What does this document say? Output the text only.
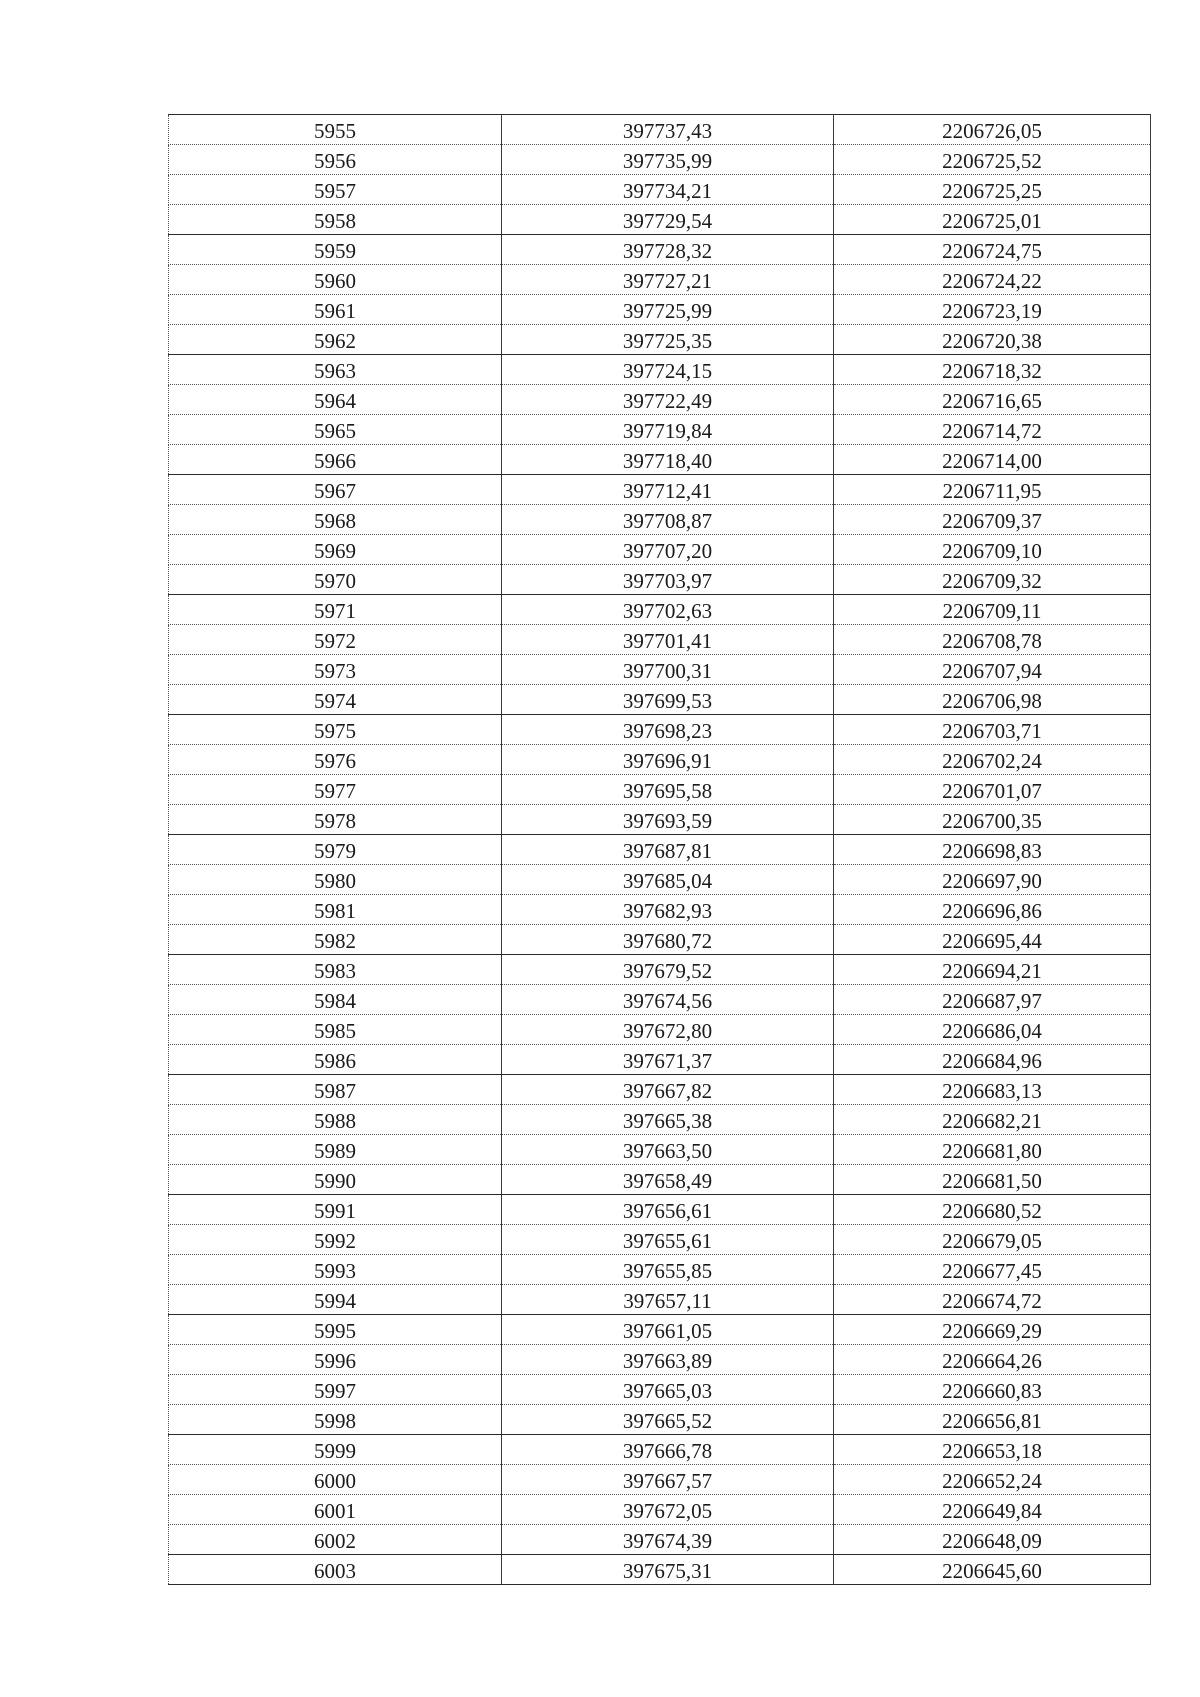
5955	397737,43	2206726,05
5956	397735,99	2206725,52
5957	397734,21	2206725,25
5958	397729,54	2206725,01
5959	397728,32	2206724,75
5960	397727,21	2206724,22
5961	397725,99	2206723,19
5962	397725,35	2206720,38
5963	397724,15	2206718,32
5964	397722,49	2206716,65
5965	397719,84	2206714,72
5966	397718,40	2206714,00
5967	397712,41	2206711,95
5968	397708,87	2206709,37
5969	397707,20	2206709,10
5970	397703,97	2206709,32
5971	397702,63	2206709,11
5972	397701,41	2206708,78
5973	397700,31	2206707,94
5974	397699,53	2206706,98
5975	397698,23	2206703,71
5976	397696,91	2206702,24
5977	397695,58	2206701,07
5978	397693,59	2206700,35
5979	397687,81	2206698,83
5980	397685,04	2206697,90
5981	397682,93	2206696,86
5982	397680,72	2206695,44
5983	397679,52	2206694,21
5984	397674,56	2206687,97
5985	397672,80	2206686,04
5986	397671,37	2206684,96
5987	397667,82	2206683,13
5988	397665,38	2206682,21
5989	397663,50	2206681,80
5990	397658,49	2206681,50
5991	397656,61	2206680,52
5992	397655,61	2206679,05
5993	397655,85	2206677,45
5994	397657,11	2206674,72
5995	397661,05	2206669,29
5996	397663,89	2206664,26
5997	397665,03	2206660,83
5998	397665,52	2206656,81
5999	397666,78	2206653,18
6000	397667,57	2206652,24
6001	397672,05	2206649,84
6002	397674,39	2206648,09
6003	397675,31	2206645,60
